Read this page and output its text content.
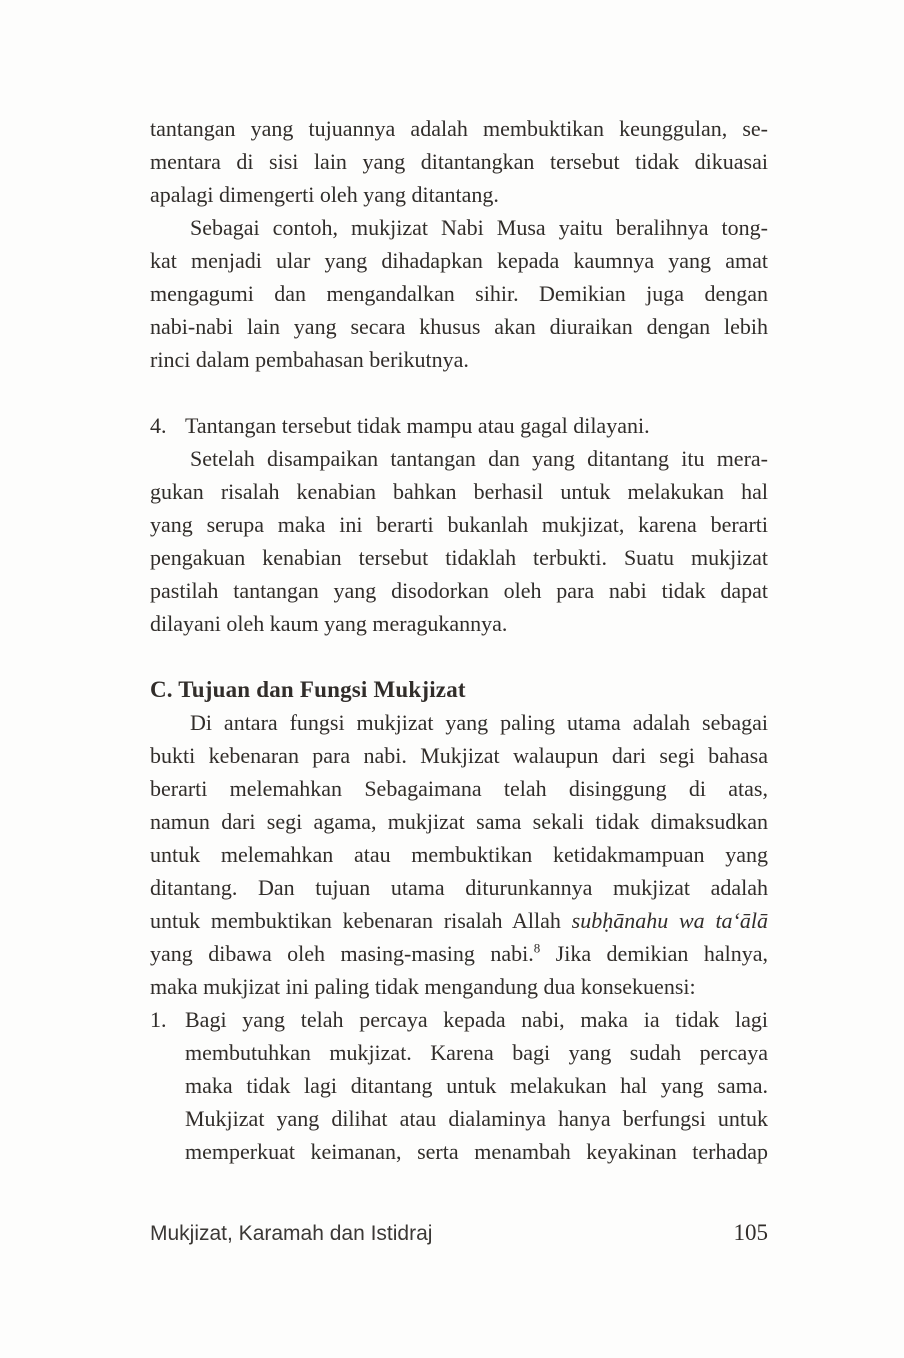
tantangan yang tujuannya adalah membuktikan keunggulan, se-
mentara di sisi lain yang ditantangkan tersebut tidak dikuasai
apalagi dimengerti oleh yang ditantang.
Sebagai contoh, mukjizat Nabi Musa yaitu beralihnya tong-
kat menjadi ular yang dihadapkan kepada kaumnya yang amat
mengagumi dan mengandalkan sihir. Demikian juga dengan
nabi-nabi lain yang secara khusus akan diuraikan dengan lebih
rinci dalam pembahasan berikutnya.
4. Tantangan tersebut tidak mampu atau gagal dilayani.
Setelah disampaikan tantangan dan yang ditantang itu mera-
gukan risalah kenabian bahkan berhasil untuk melakukan hal
yang serupa maka ini berarti bukanlah mukjizat, karena berarti
pengakuan kenabian tersebut tidaklah terbukti. Suatu mukjizat
pastilah tantangan yang disodorkan oleh para nabi tidak dapat
dilayani oleh kaum yang meragukannya.
C. Tujuan dan Fungsi Mukjizat
Di antara fungsi mukjizat yang paling utama adalah sebagai
bukti kebenaran para nabi. Mukjizat walaupun dari segi bahasa
berarti melemahkan Sebagaimana telah disinggung di atas,
namun dari segi agama, mukjizat sama sekali tidak dimaksudkan
untuk melemahkan atau membuktikan ketidakmampuan yang
ditantang. Dan tujuan utama diturunkannya mukjizat adalah
untuk membuktikan kebenaran risalah Allah subḥānahu wa taʻālā
yang dibawa oleh masing-masing nabi.$^8$ Jika demikian halnya,
maka mukjizat ini paling tidak mengandung dua konsekuensi:
1. Bagi yang telah percaya kepada nabi, maka ia tidak lagi
membutuhkan mukjizat. Karena bagi yang sudah percaya
maka tidak lagi ditantang untuk melakukan hal yang sama.
Mukjizat yang dilihat atau dialaminya hanya berfungsi untuk
memperkuat keimanan, serta menambah keyakinan terhadap
Mukjizat, Karamah dan Istidraj	105
